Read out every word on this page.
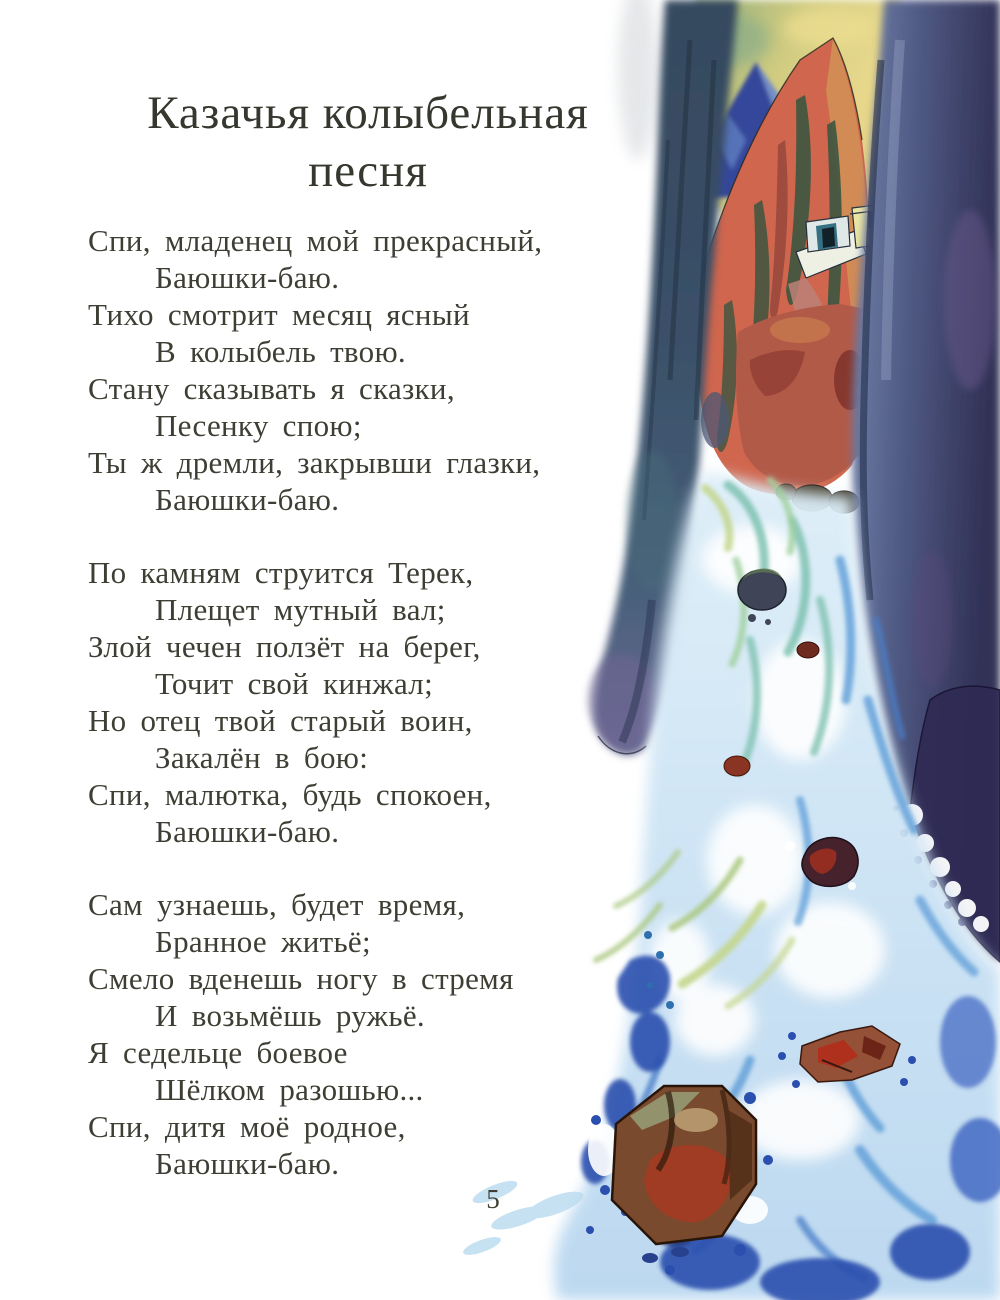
Казачья колыбельная
песня

Спи, младенец мой прекрасный,

Баюшки-баю.

Тихо смотрит месяц ясный

В колыбель твою.

Стану сказывать я сказки,

Песенку спою;

Ты ж дремли, закрывши глазки,

Баюшки-баю.

По камням струится Терек,

Плещет мутный вал;

Злой чечен ползёт на берег,

Точит свой кинжал;

Но отец твой старый воин,

Закалён в бою:

Спи, малютка, будь спокоен,

Баюшки-баю.

Сам узнаешь, будет время,

Бранное житьё;

Смело вденешь ногу в стремя

И возьмёшь ружьё.

Я седельце боевое

Шёлком разошью...

Спи, дитя моё родное,

Баюшки-баю.

5
